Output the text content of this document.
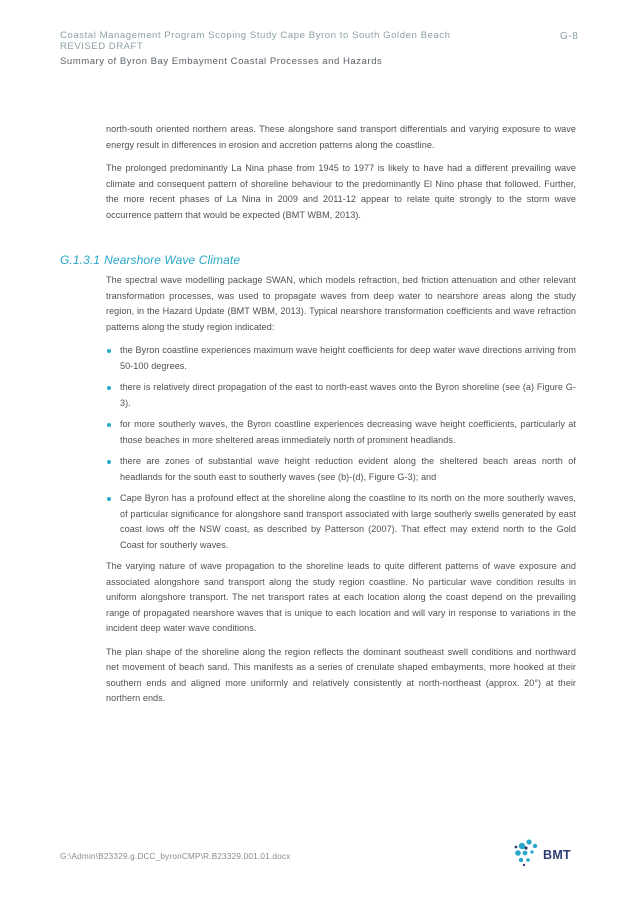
Coastal Management Program Scoping Study Cape Byron to South Golden Beach
REVISED DRAFT
Summary of Byron Bay Embayment Coastal Processes and Hazards
G-8

north-south oriented northern areas. These alongshore sand transport differentials and varying exposure to wave energy result in differences in erosion and accretion patterns along the coastline.

The prolonged predominantly La Nina phase from 1945 to 1977 is likely to have had a different prevailing wave climate and consequent pattern of shoreline behaviour to the predominantly El Nino phase that followed. Further, the more recent phases of La Nina in 2009 and 2011-12 appear to relate quite strongly to the storm wave occurrence pattern that would be expected (BMT WBM, 2013).

G.1.3.1 Nearshore Wave Climate

The spectral wave modelling package SWAN, which models refraction, bed friction attenuation and other relevant transformation processes, was used to propagate waves from deep water to nearshore areas along the study region, in the Hazard Update (BMT WBM, 2013). Typical nearshore transformation coefficients and wave refraction patterns along the study region indicated:

the Byron coastline experiences maximum wave height coefficients for deep water wave directions arriving from 50-100 degrees.

there is relatively direct propagation of the east to north-east waves onto the Byron shoreline (see (a) Figure G-3).

for more southerly waves, the Byron coastline experiences decreasing wave height coefficients, particularly at those beaches in more sheltered areas immediately north of prominent headlands.

there are zones of substantial wave height reduction evident along the sheltered beach areas north of headlands for the south east to southerly waves (see (b)-(d), Figure G-3); and

Cape Byron has a profound effect at the shoreline along the coastline to its north on the more southerly waves, of particular significance for alongshore sand transport associated with large southerly swells generated by east coast lows off the NSW coast, as described by Patterson (2007). That effect may extend north to the Gold Coast for southerly waves.

The varying nature of wave propagation to the shoreline leads to quite different patterns of wave exposure and associated alongshore sand transport along the study region coastline. No particular wave condition results in uniform alongshore transport. The net transport rates at each location along the coast depend on the prevailing range of propagated nearshore waves that is unique to each location and will vary in response to variations in the incident deep water wave conditions.

The plan shape of the shoreline along the region reflects the dominant southeast swell conditions and northward net movement of beach sand. This manifests as a series of crenulate shaped embayments, more hooked at their southern ends and aligned more uniformly and relatively consistently at north-northeast (approx. 20°) at their northern ends.

G:\Admin\B23329.g.DCC_byronCMP\R.B23329.001.01.docx	BMT
